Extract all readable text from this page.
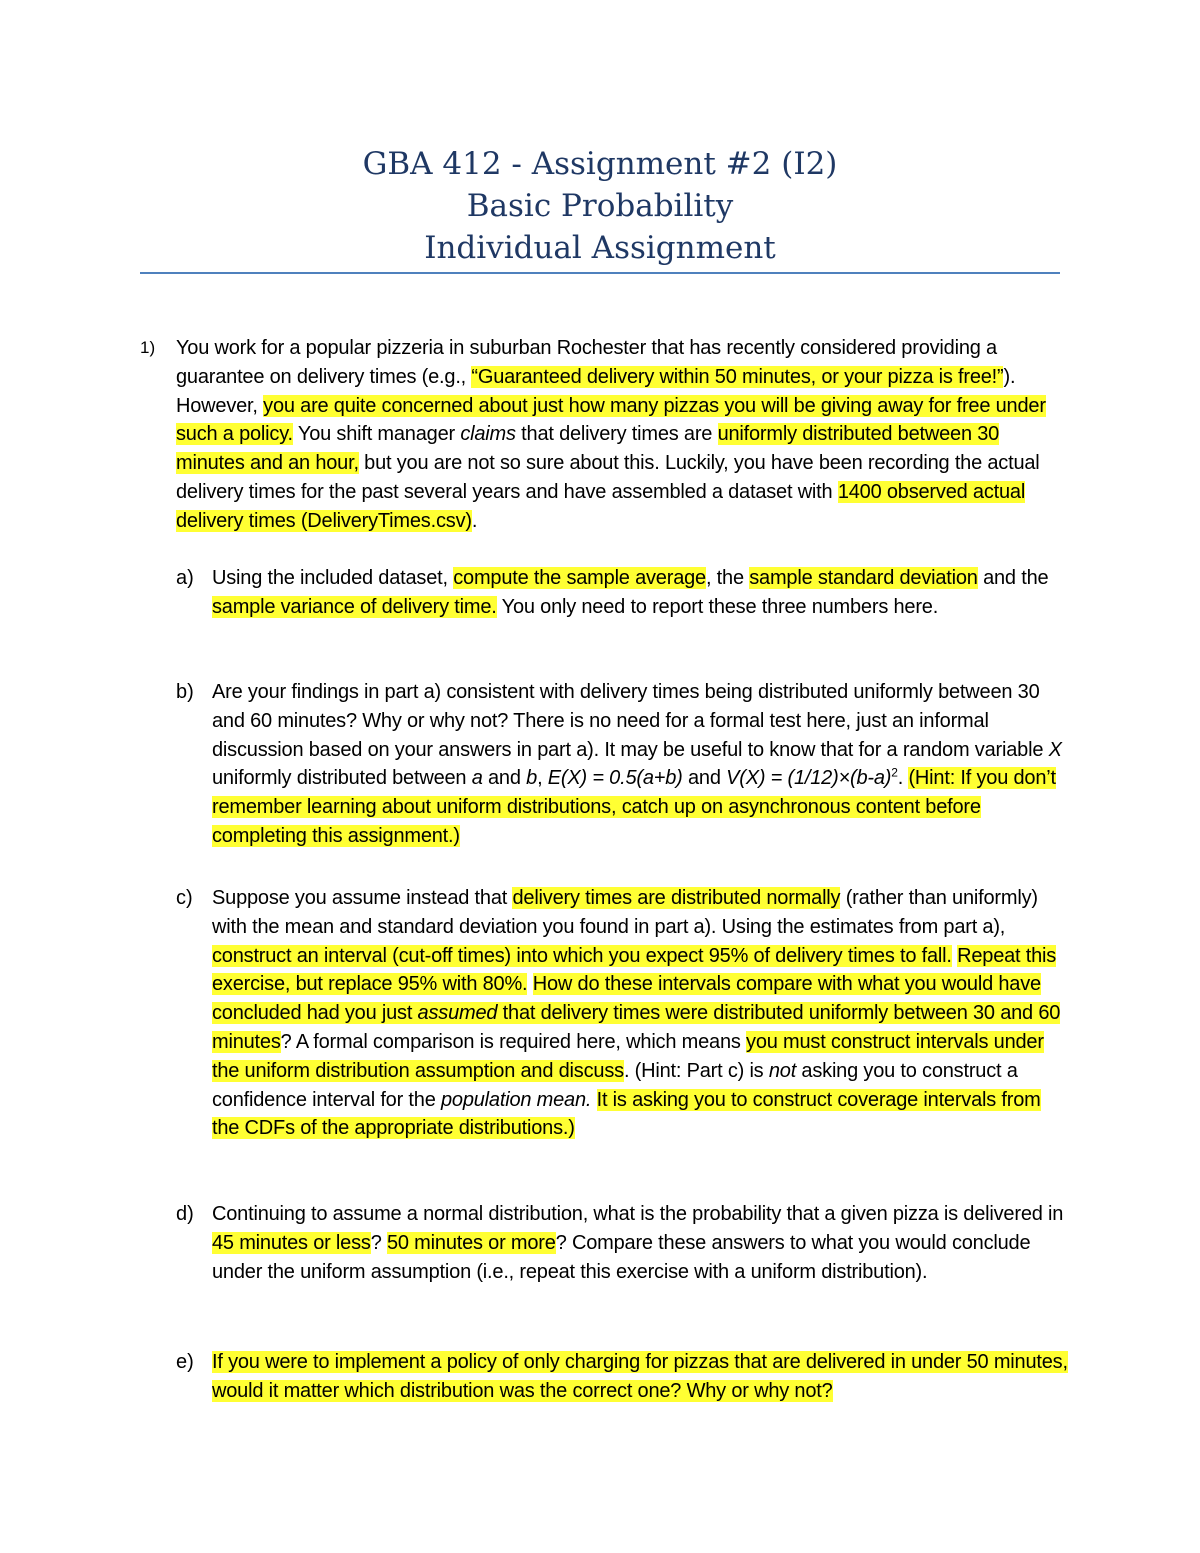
GBA 412 - Assignment #2 (I2)
Basic Probability
Individual Assignment
1) You work for a popular pizzeria in suburban Rochester that has recently considered providing a guarantee on delivery times (e.g., “Guaranteed delivery within 50 minutes, or your pizza is free!”). However, you are quite concerned about just how many pizzas you will be giving away for free under such a policy. You shift manager claims that delivery times are uniformly distributed between 30 minutes and an hour, but you are not so sure about this. Luckily, you have been recording the actual delivery times for the past several years and have assembled a dataset with 1400 observed actual delivery times (DeliveryTimes.csv).
a) Using the included dataset, compute the sample average, the sample standard deviation and the sample variance of delivery time. You only need to report these three numbers here.
b) Are your findings in part a) consistent with delivery times being distributed uniformly between 30 and 60 minutes? Why or why not? There is no need for a formal test here, just an informal discussion based on your answers in part a). It may be useful to know that for a random variable X uniformly distributed between a and b, E(X) = 0.5(a+b) and $V(X) = (1/12)\times(b-a)^2$. (Hint: If you don’t remember learning about uniform distributions, catch up on asynchronous content before completing this assignment.)
c) Suppose you assume instead that delivery times are distributed normally (rather than uniformly) with the mean and standard deviation you found in part a). Using the estimates from part a), construct an interval (cut-off times) into which you expect 95% of delivery times to fall. Repeat this exercise, but replace 95% with 80%. How do these intervals compare with what you would have concluded had you just assumed that delivery times were distributed uniformly between 30 and 60 minutes? A formal comparison is required here, which means you must construct intervals under the uniform distribution assumption and discuss. (Hint: Part c) is not asking you to construct a confidence interval for the population mean. It is asking you to construct coverage intervals from the CDFs of the appropriate distributions.)
d) Continuing to assume a normal distribution, what is the probability that a given pizza is delivered in 45 minutes or less? 50 minutes or more? Compare these answers to what you would conclude under the uniform assumption (i.e., repeat this exercise with a uniform distribution).
e) If you were to implement a policy of only charging for pizzas that are delivered in under 50 minutes, would it matter which distribution was the correct one? Why or why not?
